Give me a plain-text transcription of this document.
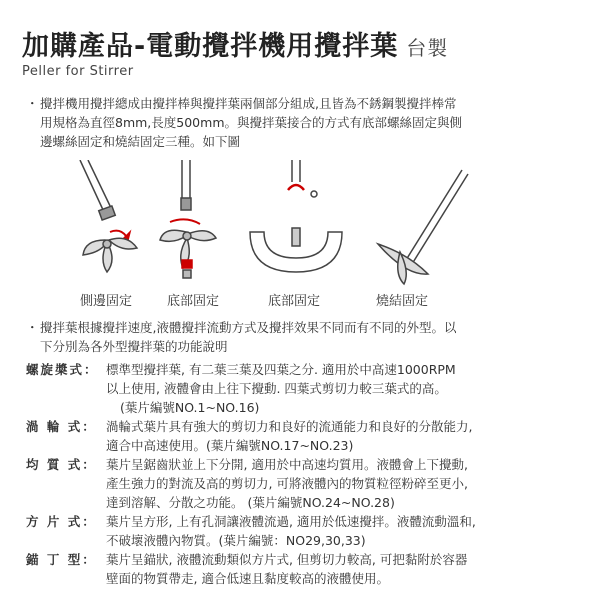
加購產品-電動攪拌機用攪拌葉 台製
Peller for Stirrer
・ 攪拌機用攪拌總成由攪拌棒與攪拌葉兩個部分組成,且皆為不銹鋼製攪拌棒常
用規格為直徑8mm,長度500mm。與攪拌葉接合的方式有底部螺絲固定與側
邊螺絲固定和燒結固定三種。如下圖
側邊固定	底部固定	底部固定	燒結固定
・ 攪拌葉根據攪拌速度,液體攪拌流動方式及攪拌效果不同而有不同的外型。以
下分別為各外型攪拌葉的功能說明
螺旋槳式： 標準型攪拌葉, 有二葉三葉及四葉之分. 適用於中高速1000RPM
以上使用, 液體會由上往下攪動. 四葉式剪切力較三葉式的高。
(葉片編號NO.1~NO.16)
渦 輪 式： 渦輪式葉片具有強大的剪切力和良好的流通能力和良好的分散能力,
適合中高速使用。(葉片編號NO.17~NO.23)
均 質 式： 葉片呈鋸齒狀並上下分開, 適用於中高速均質用。液體會上下攪動,
產生強力的對流及高的剪切力, 可將液體內的物質粒徑粉碎至更小,
達到溶解、分散之功能。 (葉片編號NO.24~NO.28)
方 片 式： 葉片呈方形, 上有孔洞讓液體流過, 適用於低速攪拌。液體流動溫和,
不破壞液體內物質。(葉片編號：NO29,30,33)
錨 丁 型： 葉片呈錨狀, 液體流動類似方片式, 但剪切力較高, 可把黏附於容器
壁面的物質帶走, 適合低速且黏度較高的液體使用。
